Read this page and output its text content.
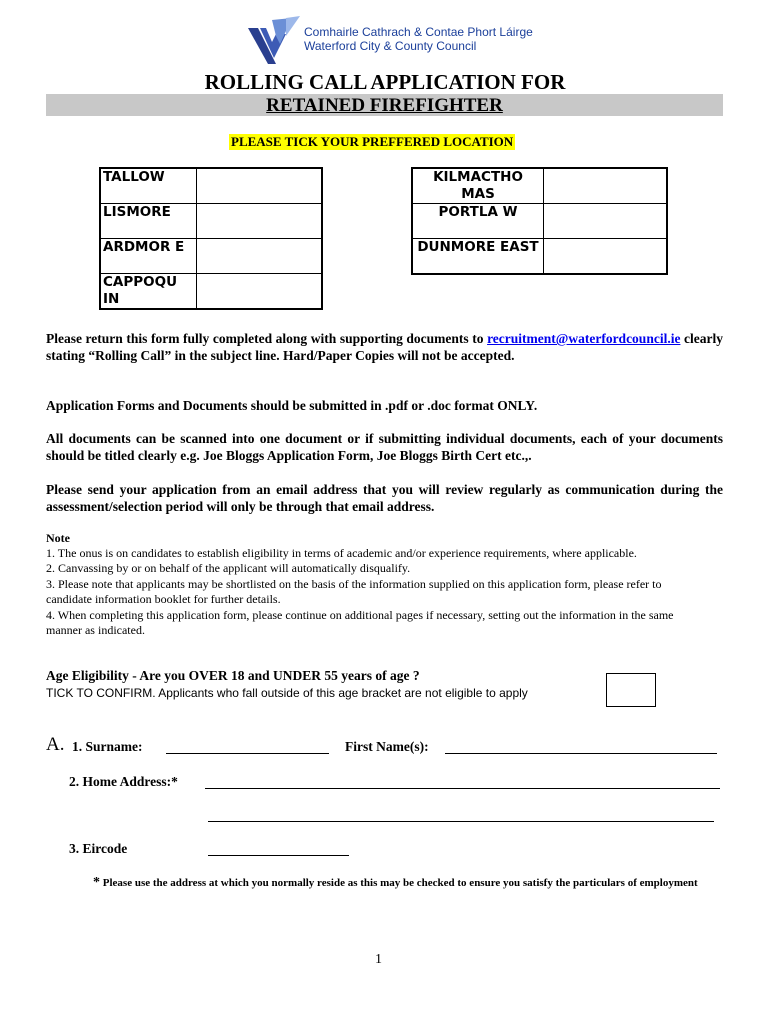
Comhairle Cathrach & Contae Phort Láirge
Waterford City & County Council
ROLLING CALL APPLICATION FOR
RETAINED FIREFIGHTER
PLEASE TICK YOUR PREFFERED LOCATION
TALLOW	
LISMORE	
ARDMOR E	
CAPPOQU IN	
KILMACTHO MAS	
PORTLA W	
DUNMORE EAST	
Please return this form fully completed along with supporting documents to recruitment@waterfordcouncil.ie clearly stating “Rolling Call” in the subject line. Hard/Paper Copies will not be accepted.
Application Forms and Documents should be submitted in .pdf or .doc format ONLY.
All documents can be scanned into one document or if submitting individual documents, each of your documents should be titled clearly e.g. Joe Bloggs Application Form, Joe Bloggs Birth Cert etc.,.
Please send your application from an email address that you will review regularly as communication during the assessment/selection period will only be through that email address.
Note
1. The onus is on candidates to establish eligibility in terms of academic and/or experience requirements, where applicable.
2. Canvassing by or on behalf of the applicant will automatically disqualify.
3. Please note that applicants may be shortlisted on the basis of the information supplied on this application form, please refer to candidate information booklet for further details.
4. When completing this application form, please continue on additional pages if necessary, setting out the information in the same manner as indicated.
Age Eligibility - Are you OVER 18 and UNDER 55 years of age ?
TICK TO CONFIRM. Applicants who fall outside of this age bracket are not eligible to apply
A. 1. Surname:	First Name(s):
2. Home Address:*
3. Eircode
* Please use the address at which you normally reside as this may be checked to ensure you satisfy the particulars of employment
1
